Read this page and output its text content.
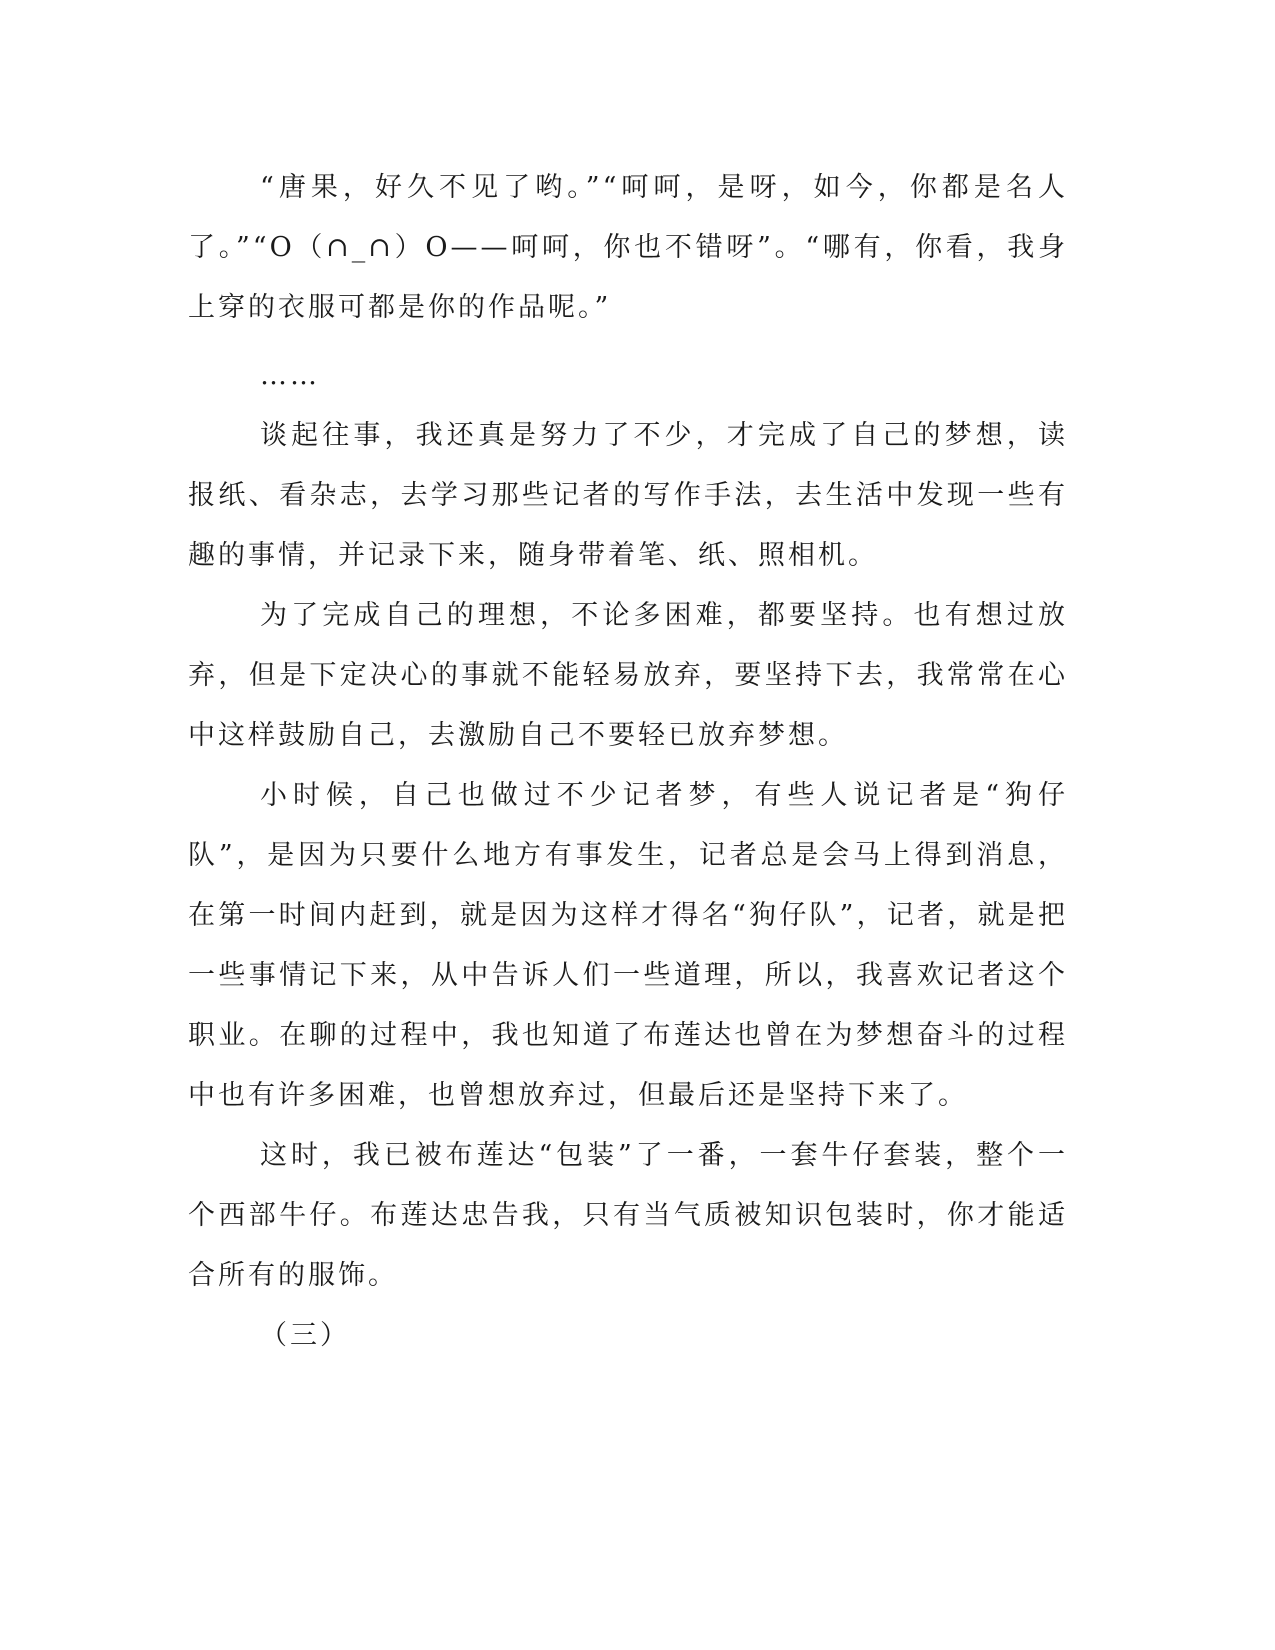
“唐果，好久不见了哟。”“呵呵，是呀，如今，你都是名人了。”“O（∩_∩）O——呵呵，你也不错呀”。“哪有，你看，我身上穿的衣服可都是你的作品呢。”

……

谈起往事，我还真是努力了不少，才完成了自己的梦想，读报纸、看杂志，去学习那些记者的写作手法，去生活中发现一些有趣的事情，并记录下来，随身带着笔、纸、照相机。

为了完成自己的理想，不论多困难，都要坚持。也有想过放弃，但是下定决心的事就不能轻易放弃，要坚持下去，我常常在心中这样鼓励自己，去激励自己不要轻已放弃梦想。

小时候，自己也做过不少记者梦，有些人说记者是“狗仔队”，是因为只要什么地方有事发生，记者总是会马上得到消息，在第一时间内赶到，就是因为这样才得名“狗仔队”，记者，就是把一些事情记下来，从中告诉人们一些道理，所以，我喜欢记者这个职业。在聊的过程中，我也知道了布莲达也曾在为梦想奋斗的过程中也有许多困难，也曾想放弃过，但最后还是坚持下来了。

这时，我已被布莲达“包装”了一番，一套牛仔套装，整个一个西部牛仔。布莲达忠告我，只有当气质被知识包装时，你才能适合所有的服饰。

（三）
